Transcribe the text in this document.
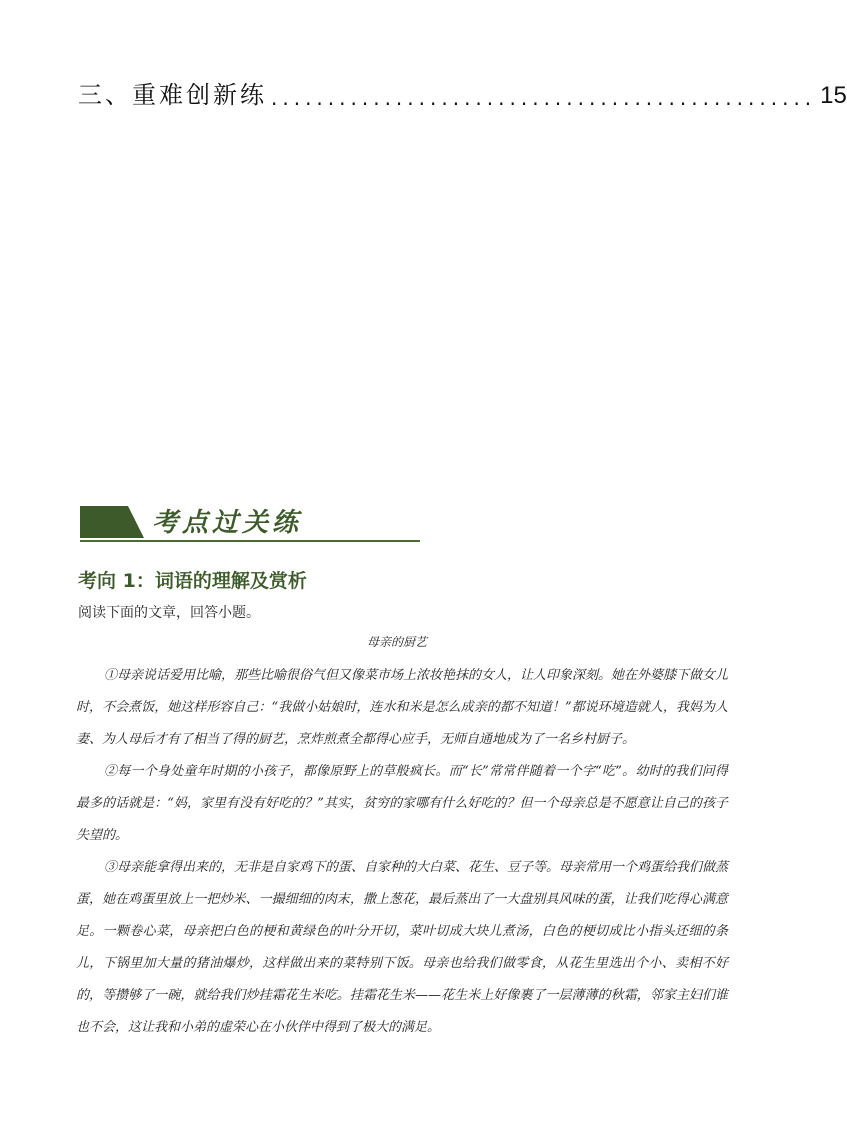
三、重难创新练 ................................................ 15
考点过关练
考向 1：词语的理解及赏析
阅读下面的文章，回答小题。
母亲的厨艺

①母亲说话爱用比喻，那些比喻很俗气但又像菜市场上浓妆艳抹的女人，让人印象深刻。她在外婆膝下做女儿时，不会煮饭，她这样形容自己：“我做小姑娘时，连水和米是怎么成亲的都不知道！”都说环境造就人，我妈为人妻、为人母后才有了相当了得的厨艺，烹炸煎煮全都得心应手，无师自通地成为了一名乡村厨子。

②每一个身处童年时期的小孩子，都像原野上的草般疯长。而“长”常常伴随着一个字“吃”。幼时的我们问得最多的话就是：“妈，家里有没有好吃的？”其实，贫穷的家哪有什么好吃的？但一个母亲总是不愿意让自己的孩子失望的。

③母亲能拿得出来的，无非是自家鸡下的蛋、自家种的大白菜、花生、豆子等。母亲常用一个鸡蛋给我们做蒸蛋，她在鸡蛋里放上一把炒米、一撮细细的肉末，撒上葱花，最后蒸出了一大盘别具风味的蛋，让我们吃得心满意足。一颗卷心菜，母亲把白色的梗和黄绿色的叶分开切，菜叶切成大块儿煮汤，白色的梗切成比小指头还细的条儿，下锅里加大量的猪油爆炒，这样做出来的菜特别下饭。母亲也给我们做零食，从花生里选出个小、卖相不好的，等攒够了一碗，就给我们炒挂霜花生米吃。挂霜花生米——花生米上好像裹了一层薄薄的秋霜，邻家主妇们谁也不会，这让我和小弟的虚荣心在小伙伴中得到了极大的满足。
